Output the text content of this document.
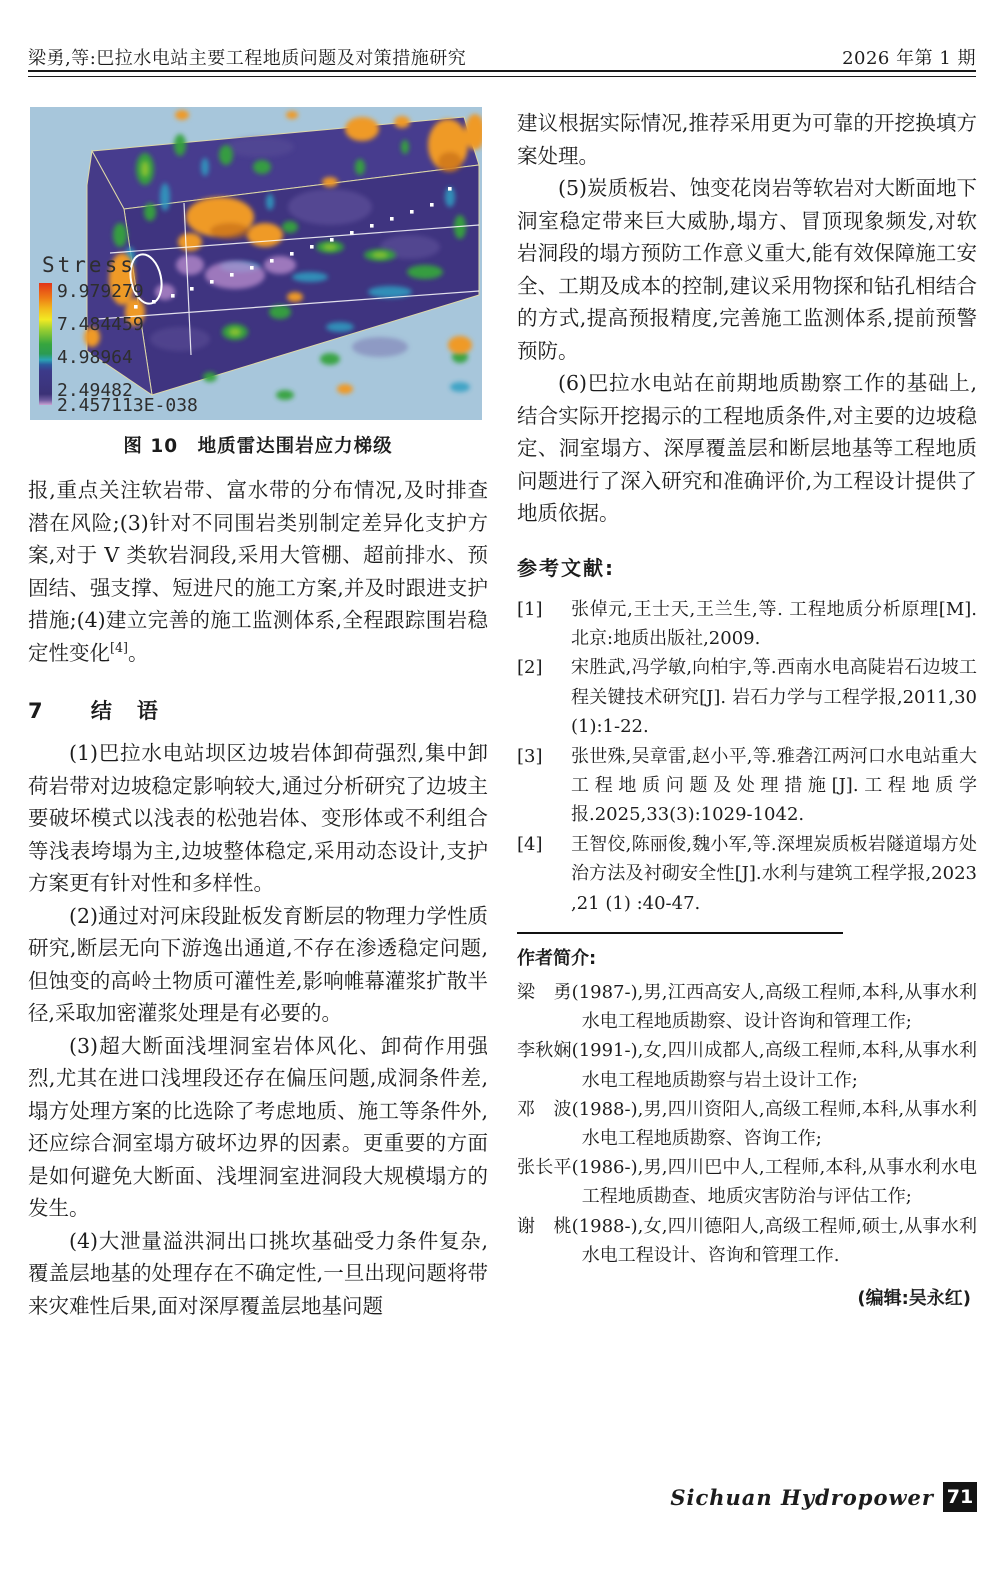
梁勇,等:巴拉水电站主要工程地质问题及对策措施研究	2026 年第 1 期
Stress
9.979279
7.484459
4.98964
2.49482
2.457113E-038
图 10　地质雷达围岩应力梯级

报,重点关注软岩带、富水带的分布情况,及时排查潜在风险;(3)针对不同围岩类别制定差异化支护方案,对于 Ⅴ 类软岩洞段,采用大管棚、超前排水、预固结、强支撑、短进尺的施工方案,并及时跟进支护措施;(4)建立完善的施工监测体系,全程跟踪围岩稳定性变化[4]。

7 结　语

(1)巴拉水电站坝区边坡岩体卸荷强烈,集中卸荷岩带对边坡稳定影响较大,通过分析研究了边坡主要破坏模式以浅表的松弛岩体、变形体或不利组合等浅表垮塌为主,边坡整体稳定,采用动态设计,支护方案更有针对性和多样性。

(2)通过对河床段趾板发育断层的物理力学性质研究,断层无向下游逸出通道,不存在渗透稳定问题,但蚀变的高岭土物质可灌性差,影响帷幕灌浆扩散半径,采取加密灌浆处理是有必要的。

(3)超大断面浅埋洞室岩体风化、卸荷作用强烈,尤其在进口浅埋段还存在偏压问题,成洞条件差,塌方处理方案的比选除了考虑地质、施工等条件外,还应综合洞室塌方破坏边界的因素。更重要的方面是如何避免大断面、浅埋洞室进洞段大规模塌方的发生。

(4)大泄量溢洪洞出口挑坎基础受力条件复杂,覆盖层地基的处理存在不确定性,一旦出现问题将带来灾难性后果,面对深厚覆盖层地基问题

建议根据实际情况,推荐采用更为可靠的开挖换填方案处理。

(5)炭质板岩、蚀变花岗岩等软岩对大断面地下洞室稳定带来巨大威胁,塌方、冒顶现象频发,对软岩洞段的塌方预防工作意义重大,能有效保障施工安全、工期及成本的控制,建议采用物探和钻孔相结合的方式,提高预报精度,完善施工监测体系,提前预警预防。

(6)巴拉水电站在前期地质勘察工作的基础上,结合实际开挖揭示的工程地质条件,对主要的边坡稳定、洞室塌方、深厚覆盖层和断层地基等工程地质问题进行了深入研究和准确评价,为工程设计提供了地质依据。

参考文献:
[1]	张倬元,王士天,王兰生,等. 工程地质分析原理[M]. 北京:地质出版社,2009.
[2]	宋胜武,冯学敏,向柏宇,等.西南水电高陡岩石边坡工程关键技术研究[J]. 岩石力学与工程学报,2011,30 (1):1-22.
[3]	张世殊,吴章雷,赵小平,等.雅砻江两河口水电站重大工程地质问题及处理措施[J].工程地质学报.2025,33(3):1029-1042.
[4]	王智佼,陈丽俊,魏小军,等.深埋炭质板岩隧道塌方处治方法及衬砌安全性[J].水利与建筑工程学报,2023 ,21 (1) :40-47.
作者简介:
梁　勇(1987-),男,江西高安人,高级工程师,本科,从事水利水电工程地质勘察、设计咨询和管理工作;
李秋娴(1991-),女,四川成都人,高级工程师,本科,从事水利水电工程地质勘察与岩土设计工作;
邓　波(1988-),男,四川资阳人,高级工程师,本科,从事水利水电工程地质勘察、咨询工作;
张长平(1986-),男,四川巴中人,工程师,本科,从事水利水电工程地质勘查、地质灾害防治与评估工作;
谢　桃(1988-),女,四川德阳人,高级工程师,硕士,从事水利水电工程设计、咨询和管理工作.
(编辑:吴永红)
Sichuan Hydropower 71
